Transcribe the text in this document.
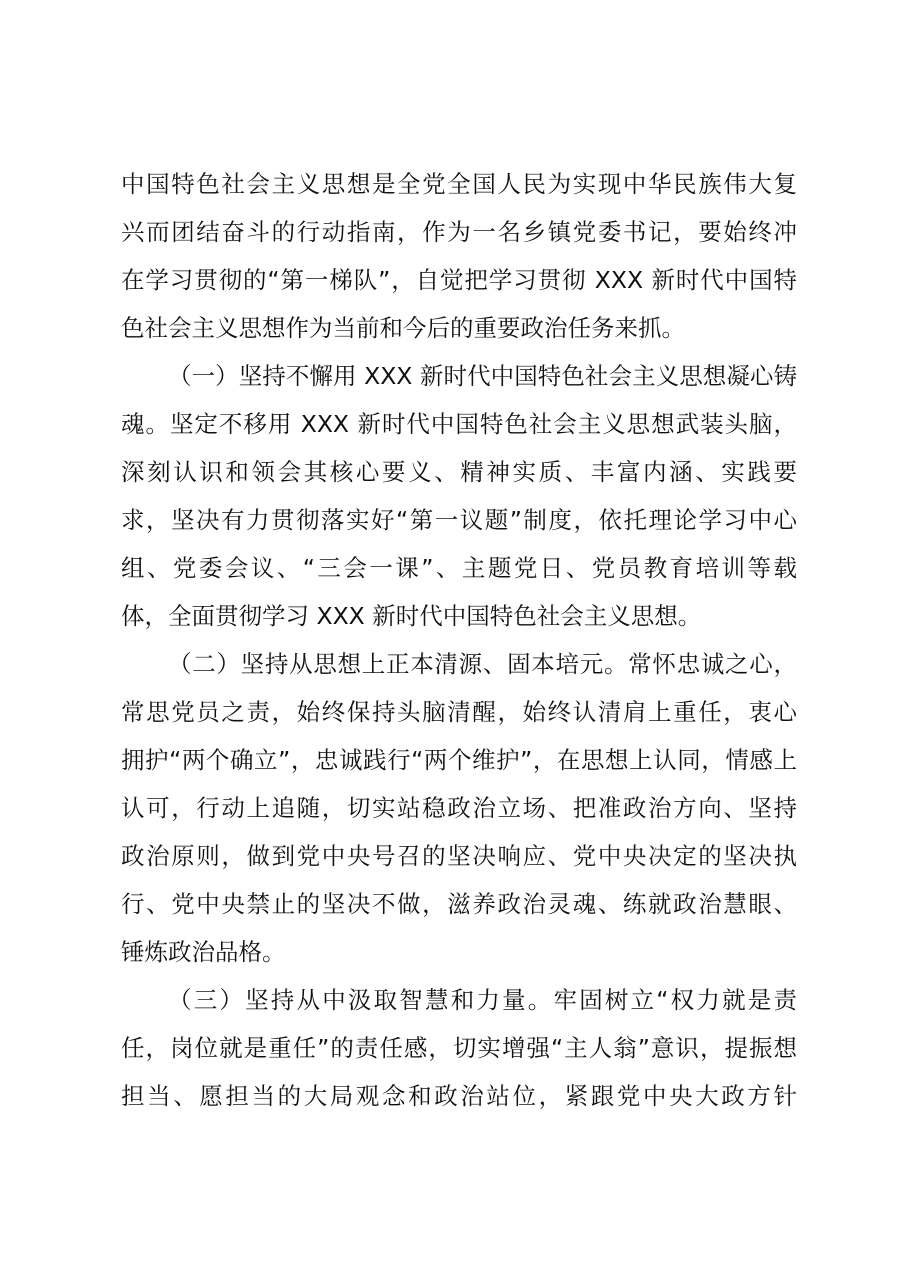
中国特色社会主义思想是全党全国人民为实现中华民族伟大复
兴而团结奋斗的行动指南，作为一名乡镇党委书记，要始终冲
在学习贯彻的“第一梯队”，自觉把学习贯彻 XXX 新时代中国特
色社会主义思想作为当前和今后的重要政治任务来抓。
（一）坚持不懈用 XXX 新时代中国特色社会主义思想凝心铸
魂。坚定不移用 XXX 新时代中国特色社会主义思想武装头脑，
深刻认识和领会其核心要义、精神实质、丰富内涵、实践要
求，坚决有力贯彻落实好“第一议题”制度，依托理论学习中心
组、党委会议、“三会一课”、主题党日、党员教育培训等载
体，全面贯彻学习 XXX 新时代中国特色社会主义思想。
（二）坚持从思想上正本清源、固本培元。常怀忠诚之心，
常思党员之责，始终保持头脑清醒，始终认清肩上重任，衷心
拥护“两个确立”，忠诚践行“两个维护”，在思想上认同，情感上
认可，行动上追随，切实站稳政治立场、把准政治方向、坚持
政治原则，做到党中央号召的坚决响应、党中央决定的坚决执
行、党中央禁止的坚决不做，滋养政治灵魂、练就政治慧眼、
锤炼政治品格。
（三）坚持从中汲取智慧和力量。牢固树立“权力就是责
任，岗位就是重任”的责任感，切实增强“主人翁”意识，提振想
担当、愿担当的大局观念和政治站位，紧跟党中央大政方针
